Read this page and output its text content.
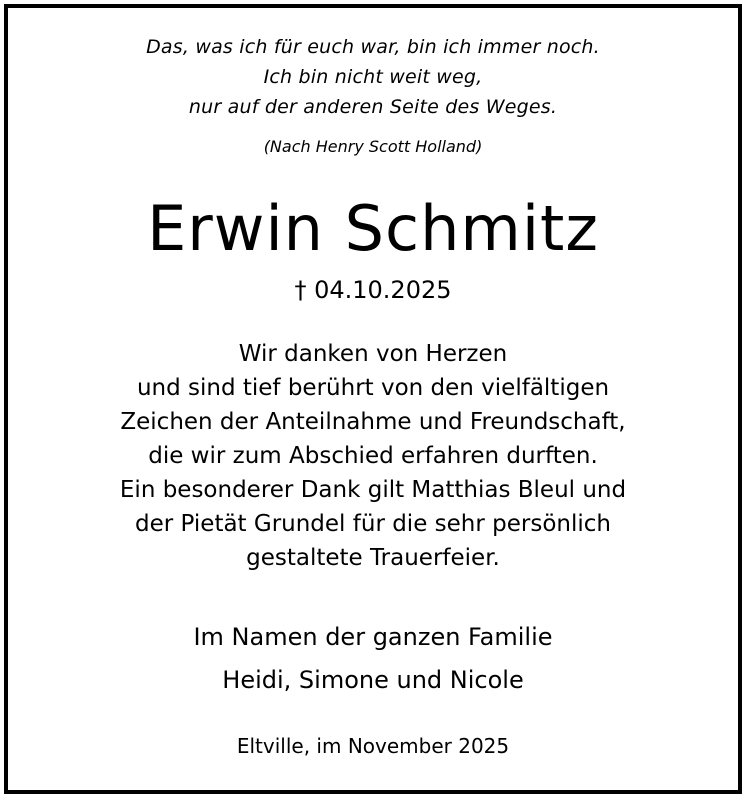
Das, was ich für euch war, bin ich immer noch.
Ich bin nicht weit weg,
nur auf der anderen Seite des Weges.
(Nach Henry Scott Holland)
Erwin Schmitz
† 04.10.2025
Wir danken von Herzen
und sind tief berührt von den vielfältigen
Zeichen der Anteilnahme und Freundschaft,
die wir zum Abschied erfahren durften.
Ein besonderer Dank gilt Matthias Bleul und
der Pietät Grundel für die sehr persönlich
gestaltete Trauerfeier.
Im Namen der ganzen Familie
Heidi, Simone und Nicole
Eltville, im November 2025
